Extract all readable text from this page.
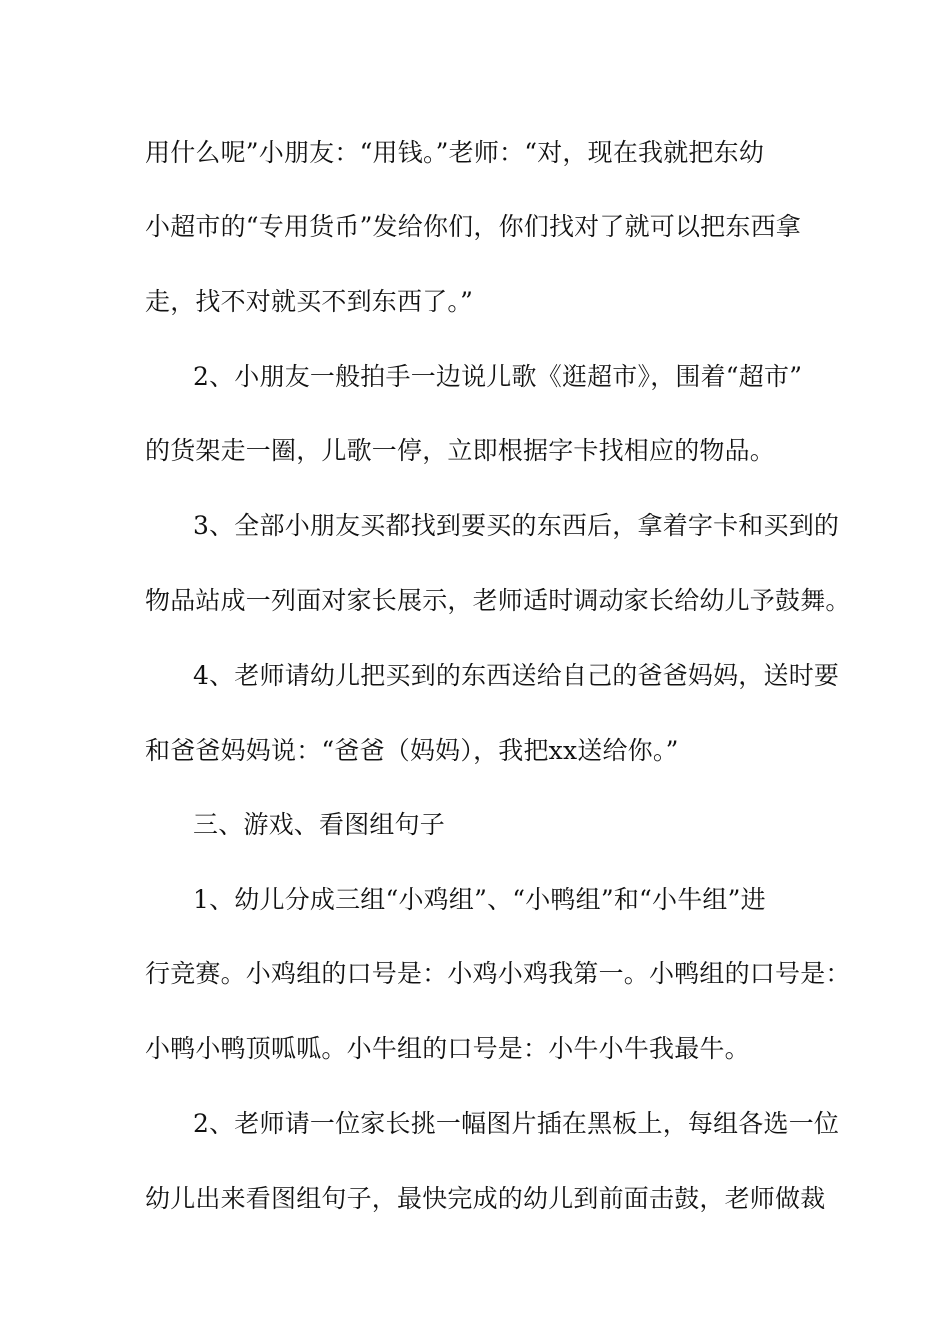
用什么呢”小朋友：“用钱。”老师：“对，现在我就把东幼
小超市的“专用货币”发给你们，你们找对了就可以把东西拿
走，找不对就买不到东西了。”
2、小朋友一般拍手一边说儿歌《逛超市》，围着“超市”
的货架走一圈，儿歌一停，立即根据字卡找相应的物品。
3、全部小朋友买都找到要买的东西后，拿着字卡和买到的
物品站成一列面对家长展示，老师适时调动家长给幼儿予鼓舞。
4、老师请幼儿把买到的东西送给自己的爸爸妈妈，送时要
和爸爸妈妈说：“爸爸（妈妈），我把xx送给你。”
三、游戏、看图组句子
1、幼儿分成三组“小鸡组”、“小鸭组”和“小牛组”进
行竞赛。小鸡组的口号是：小鸡小鸡我第一。小鸭组的口号是：
小鸭小鸭顶呱呱。小牛组的口号是：小牛小牛我最牛。
2、老师请一位家长挑一幅图片插在黑板上，每组各选一位
幼儿出来看图组句子，最快完成的幼儿到前面击鼓，老师做裁
